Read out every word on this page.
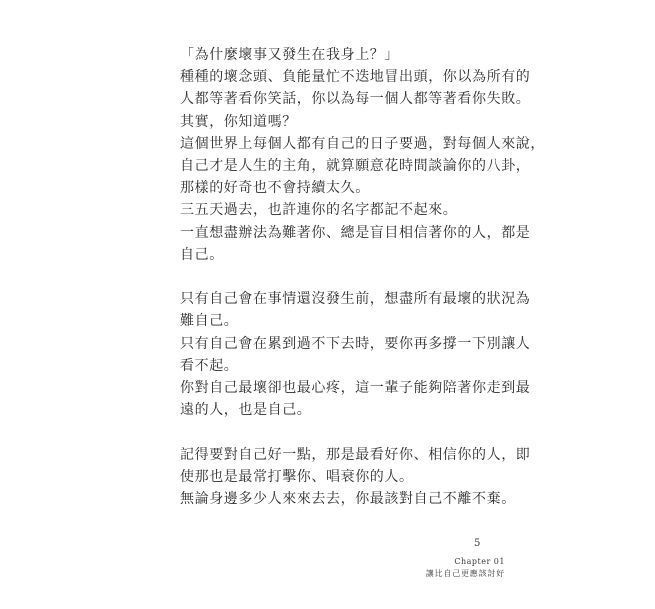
「為什麼壞事又發生在我身上？」
種種的壞念頭、負能量忙不迭地冒出頭，你以為所有的
人都等著看你笑話，你以為每一個人都等著看你失敗。
其實，你知道嗎？
這個世界上每個人都有自己的日子要過，對每個人來說，
自己才是人生的主角，就算願意花時間談論你的八卦，
那樣的好奇也不會持續太久。
三五天過去，也許連你的名字都記不起來。
一直想盡辦法為難著你、總是盲目相信著你的人，都是
自己。
只有自己會在事情還沒發生前，想盡所有最壞的狀況為
難自己。
只有自己會在累到過不下去時，要你再多撐一下別讓人
看不起。
你對自己最壞卻也最心疼，這一輩子能夠陪著你走到最
遠的人，也是自己。
記得要對自己好一點，那是最看好你、相信你的人，即
使那也是最常打擊你、唱衰你的人。
無論身邊多少人來來去去，你最該對自己不離不棄。
5
Chapter 01
讓比自己更應該討好
